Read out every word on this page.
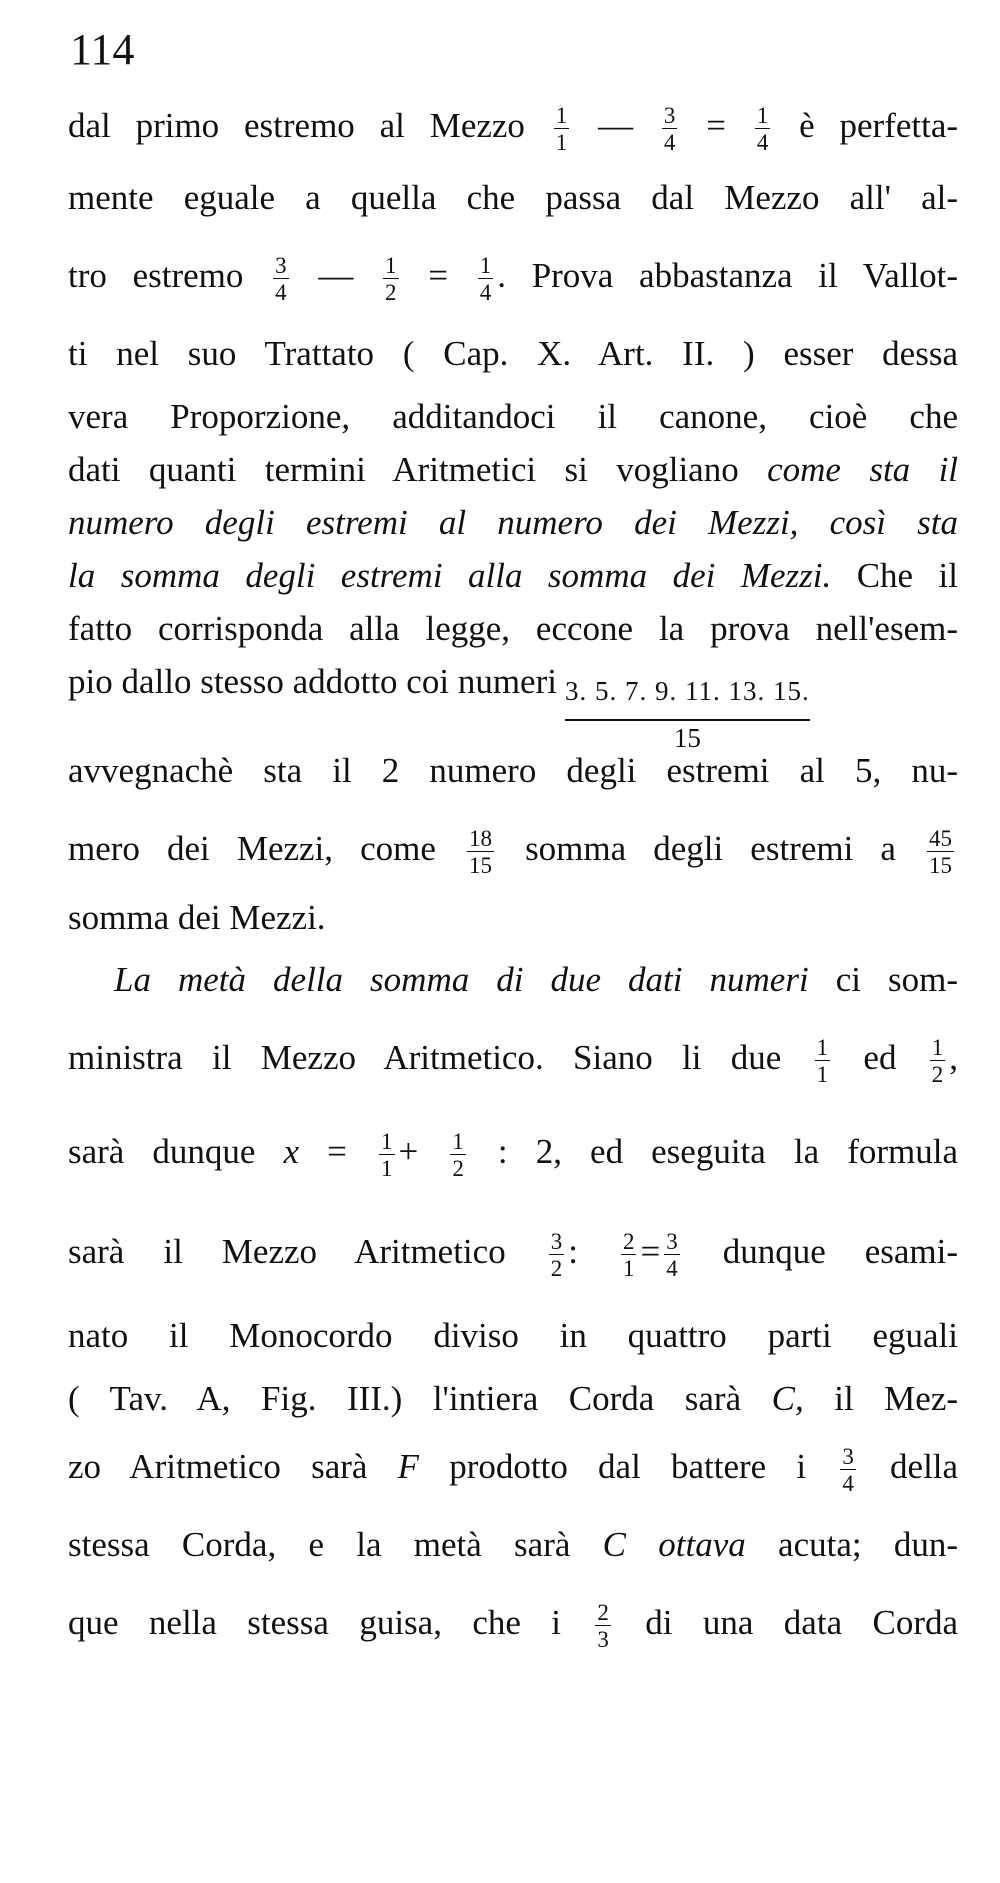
114
dal primo estremo al Mezzo $\frac{1}{1}$ — $\frac{3}{4} = \frac{1}{4}$ è perfetta-
mente eguale a quella che passa dal Mezzo all' al-
tro estremo $\frac{3}{4}$ — $\frac{1}{2} = \frac{1}{4}$ . Prova abbastanza il Vallot-
ti nel suo Trattato ( Cap. X. Art. II. ) esser dessa
vera Proporzione, additandoci il canone, cioè che
dati quanti termini Aritmetici si vogliano come sta il
numero degli estremi al numero dei Mezzi, così sta
la somma degli estremi alla somma dei Mezzi. Che il
fatto corrisponda alla legge, eccone la prova nell'esem-
pio dallo stesso addotto coi numeri $\frac{3. 5. 7. 9. 11. 13. 15.}{15}$
avvegnachè sta il 2 numero degli estremi al 5, nu-
mero dei Mezzi, come $\frac{18}{15}$ somma degli estremi a $\frac{45}{15}$
somma dei Mezzi.
La metà della somma di due dati numeri ci som-
ministra il Mezzo Aritmetico. Siano li due $\frac{1}{1}$ ed $\frac{1}{2}$ ,
sarà dunque $x = \frac{1}{1} + \frac{1}{2}$ : 2, ed eseguita la formula
sarà il Mezzo Aritmetico $\frac{3}{2}$ : $\frac{2}{1} = \frac{3}{4}$ dunque esami-
nato il Monocordo diviso in quattro parti eguali
( Tav. A, Fig. III.) l'intiera Corda sarà C, il Mez-
zo Aritmetico sarà F prodotto dal battere i $\frac{3}{4}$ della
stessa Corda, e la metà sarà C ottava acuta; dun-
que nella stessa guisa, che i $\frac{2}{3}$ di una data Corda
